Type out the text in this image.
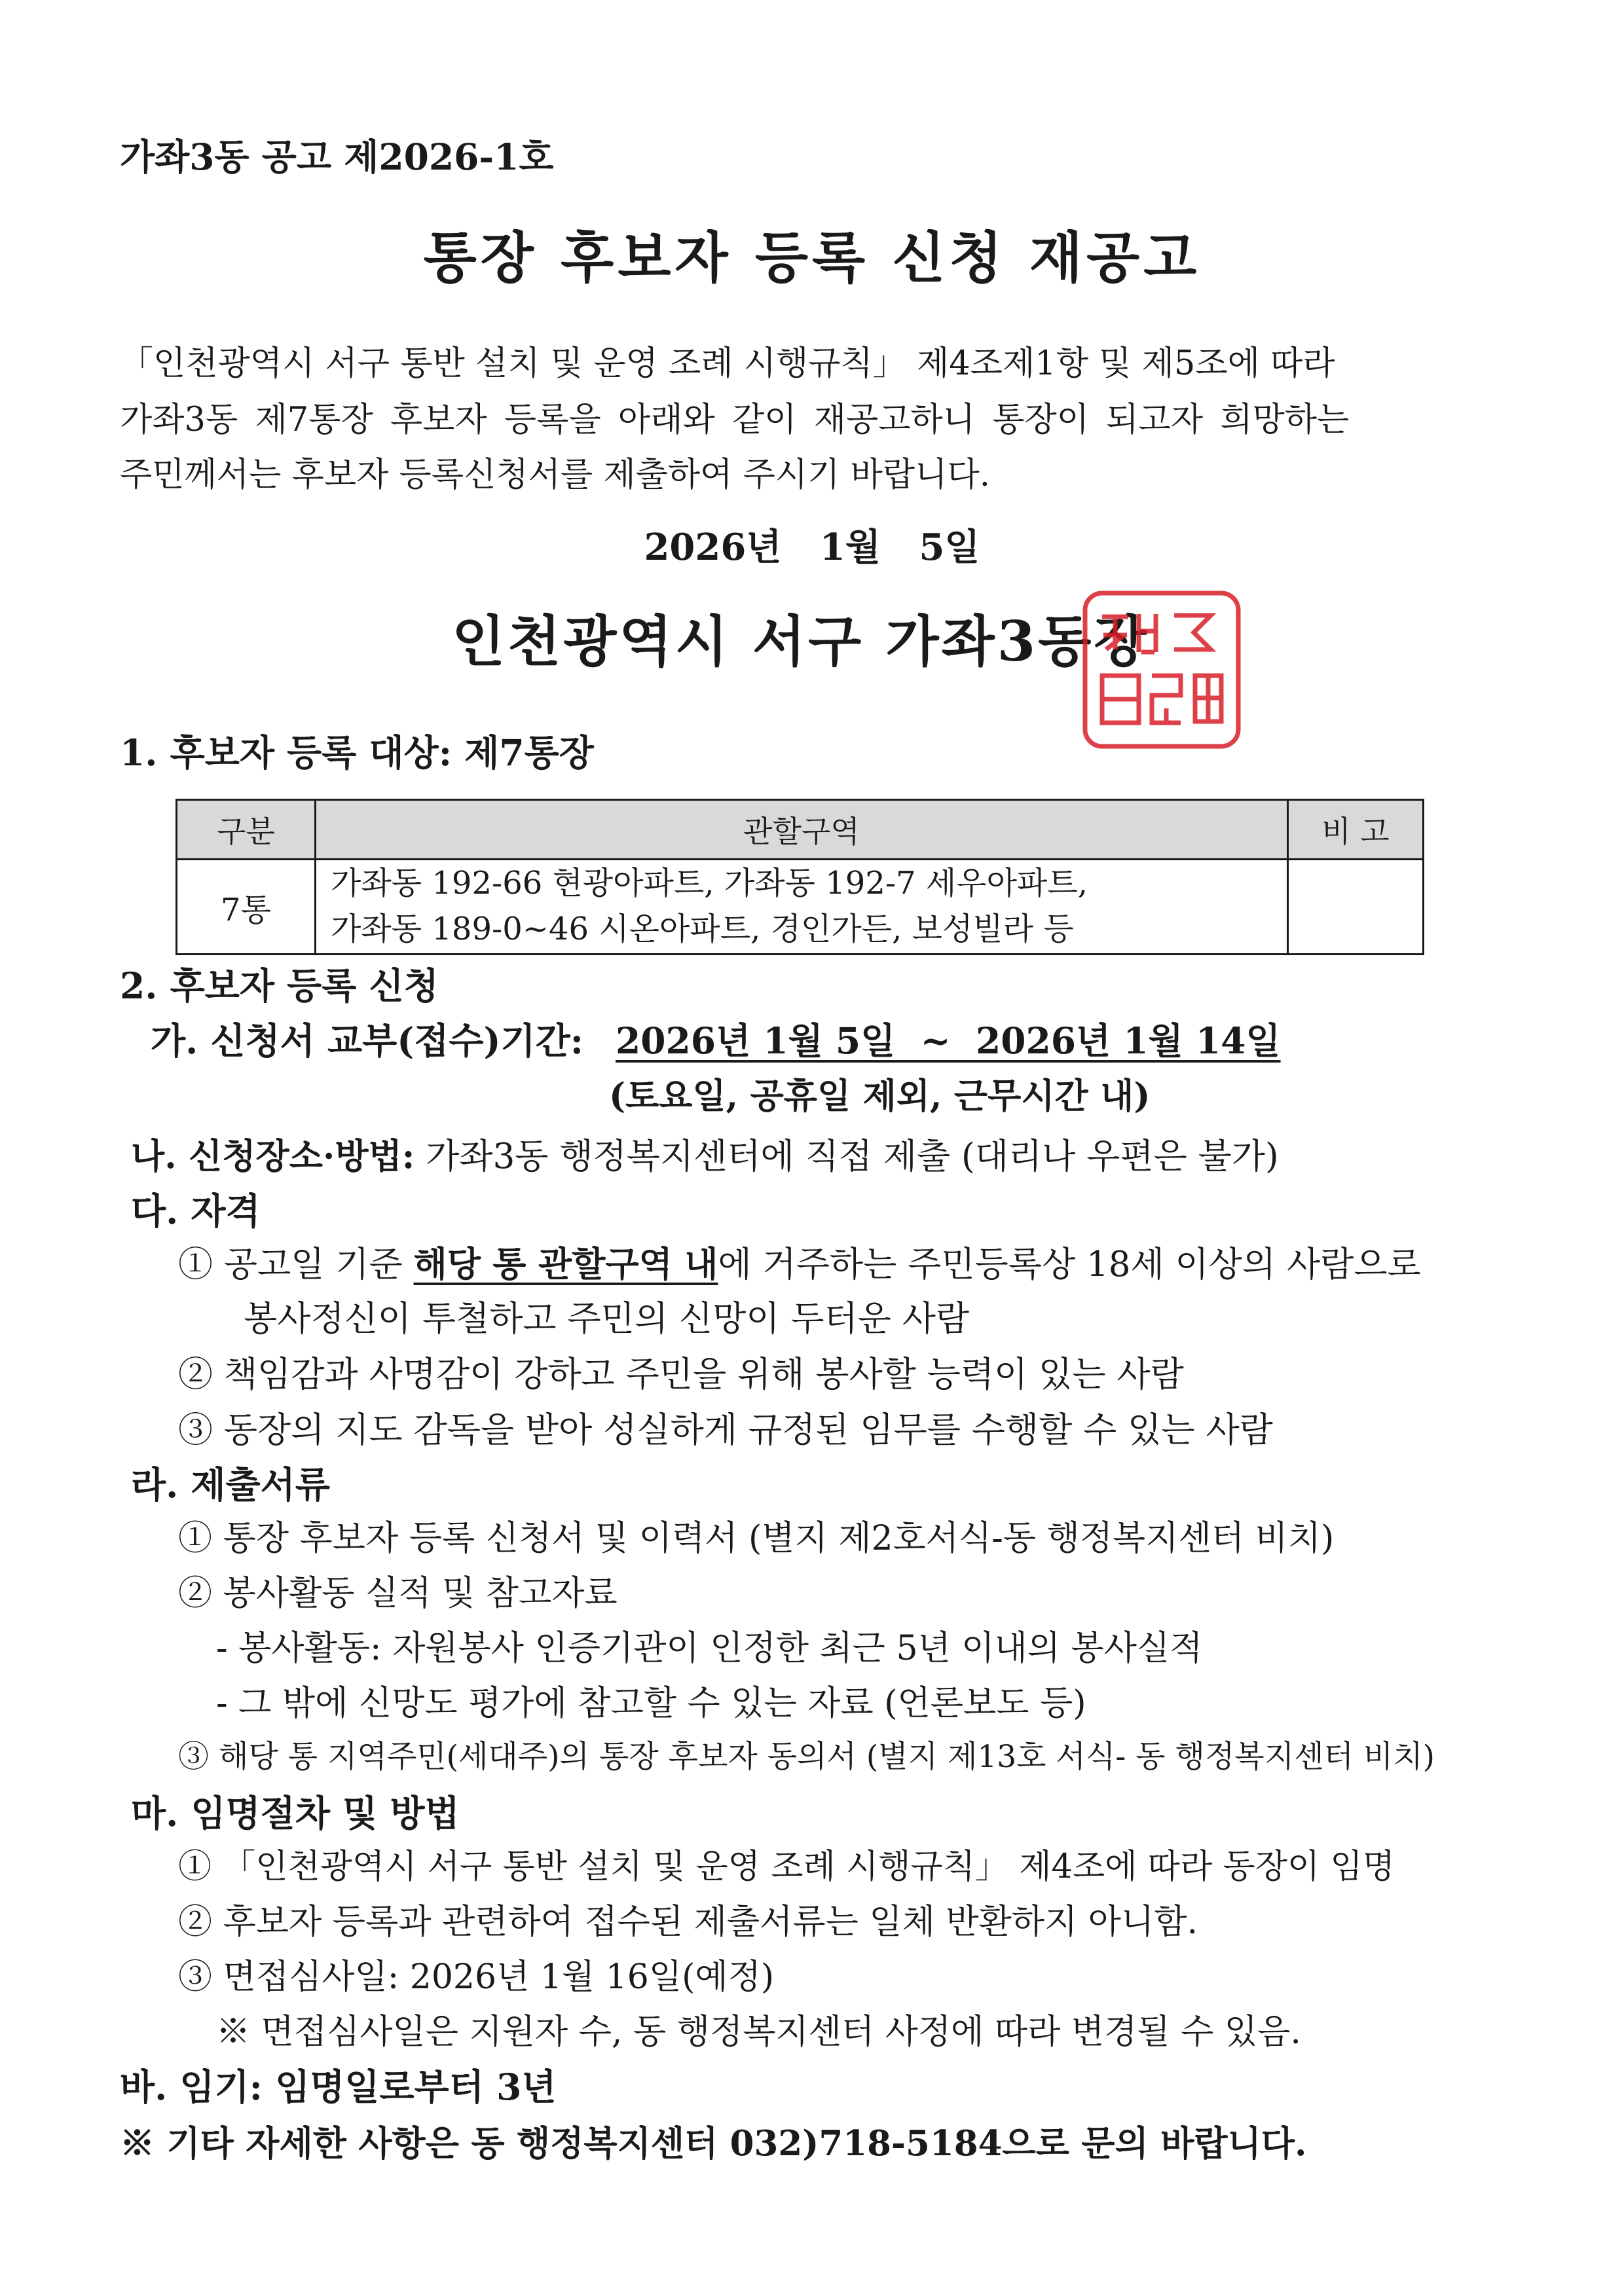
가좌3동 공고 제2026-1호
통장 후보자 등록 신청 재공고
「인천광역시 서구 통반 설치 및 운영 조례 시행규칙」 제4조제1항 및 제5조에 따라
가좌3동 제7통장 후보자 등록을 아래와 같이 재공고하니 통장이 되고자 희망하는
주민께서는 후보자 등록신청서를 제출하여 주시기 바랍니다.
2026년   1월   5일
인천광역시 서구 가좌3동장
1. 후보자 등록 대상: 제7통장
구분	관할구역	비 고
7통	가좌동 192-66 현광아파트, 가좌동 192-7 세우아파트,
가좌동 189-0~46 시온아파트, 경인가든, 보성빌라 등	

2. 후보자 등록 신청
가. 신청서 교부(접수)기간: 2026년 1월 5일  ~  2026년 1월 14일
(토요일, 공휴일 제외, 근무시간 내)
나. 신청장소·방법: 가좌3동 행정복지센터에 직접 제출 (대리나 우편은 불가)
다. 자격
① 공고일 기준 해당 통 관할구역 내에 거주하는 주민등록상 18세 이상의 사람으로
봉사정신이 투철하고 주민의 신망이 두터운 사람
② 책임감과 사명감이 강하고 주민을 위해 봉사할 능력이 있는 사람
③ 동장의 지도 감독을 받아 성실하게 규정된 임무를 수행할 수 있는 사람
라. 제출서류
① 통장 후보자 등록 신청서 및 이력서 (별지 제2호서식-동 행정복지센터 비치)
② 봉사활동 실적 및 참고자료
- 봉사활동: 자원봉사 인증기관이 인정한 최근 5년 이내의 봉사실적
- 그 밖에 신망도 평가에 참고할 수 있는 자료 (언론보도 등)
③ 해당 통 지역주민(세대주)의 통장 후보자 동의서 (별지 제13호 서식- 동 행정복지센터 비치)
마. 임명절차 및 방법
① 「인천광역시 서구 통반 설치 및 운영 조례 시행규칙」 제4조에 따라 동장이 임명
② 후보자 등록과 관련하여 접수된 제출서류는 일체 반환하지 아니함.
③ 면접심사일: 2026년 1월 16일(예정)
※ 면접심사일은 지원자 수, 동 행정복지센터 사정에 따라 변경될 수 있음.
바. 임기: 임명일로부터 3년
※ 기타 자세한 사항은 동 행정복지센터 032)718-5184으로 문의 바랍니다.
